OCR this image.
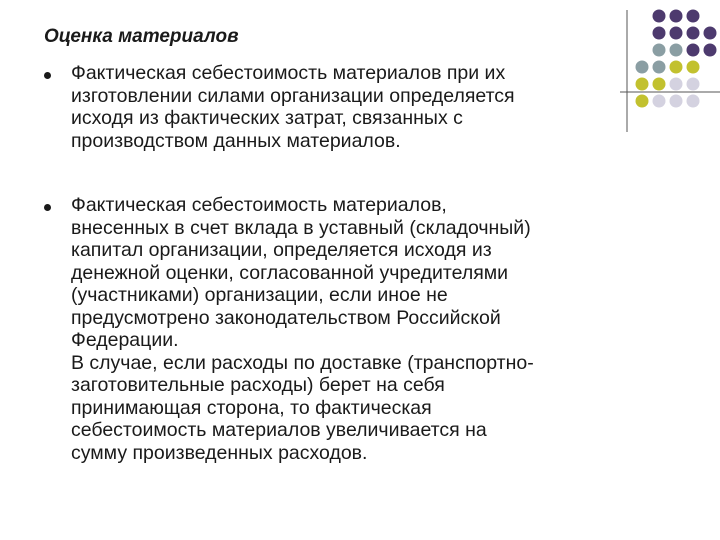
Оценка материалов
Фактическая себестоимость материалов при их
изготовлении силами организации определяется
исходя из фактических затрат, связанных с
производством данных материалов.
Фактическая себестоимость материалов,
внесенных в счет вклада в уставный (складочный)
капитал организации, определяется исходя из
денежной оценки, согласованной учредителями
(участниками) организации, если иное не
предусмотрено законодательством Российской
Федерации.
В случае, если расходы по доставке (транспортно-
заготовительные расходы) берет на себя
принимающая сторона, то фактическая
себестоимость материалов увеличивается на
сумму произведенных расходов.
